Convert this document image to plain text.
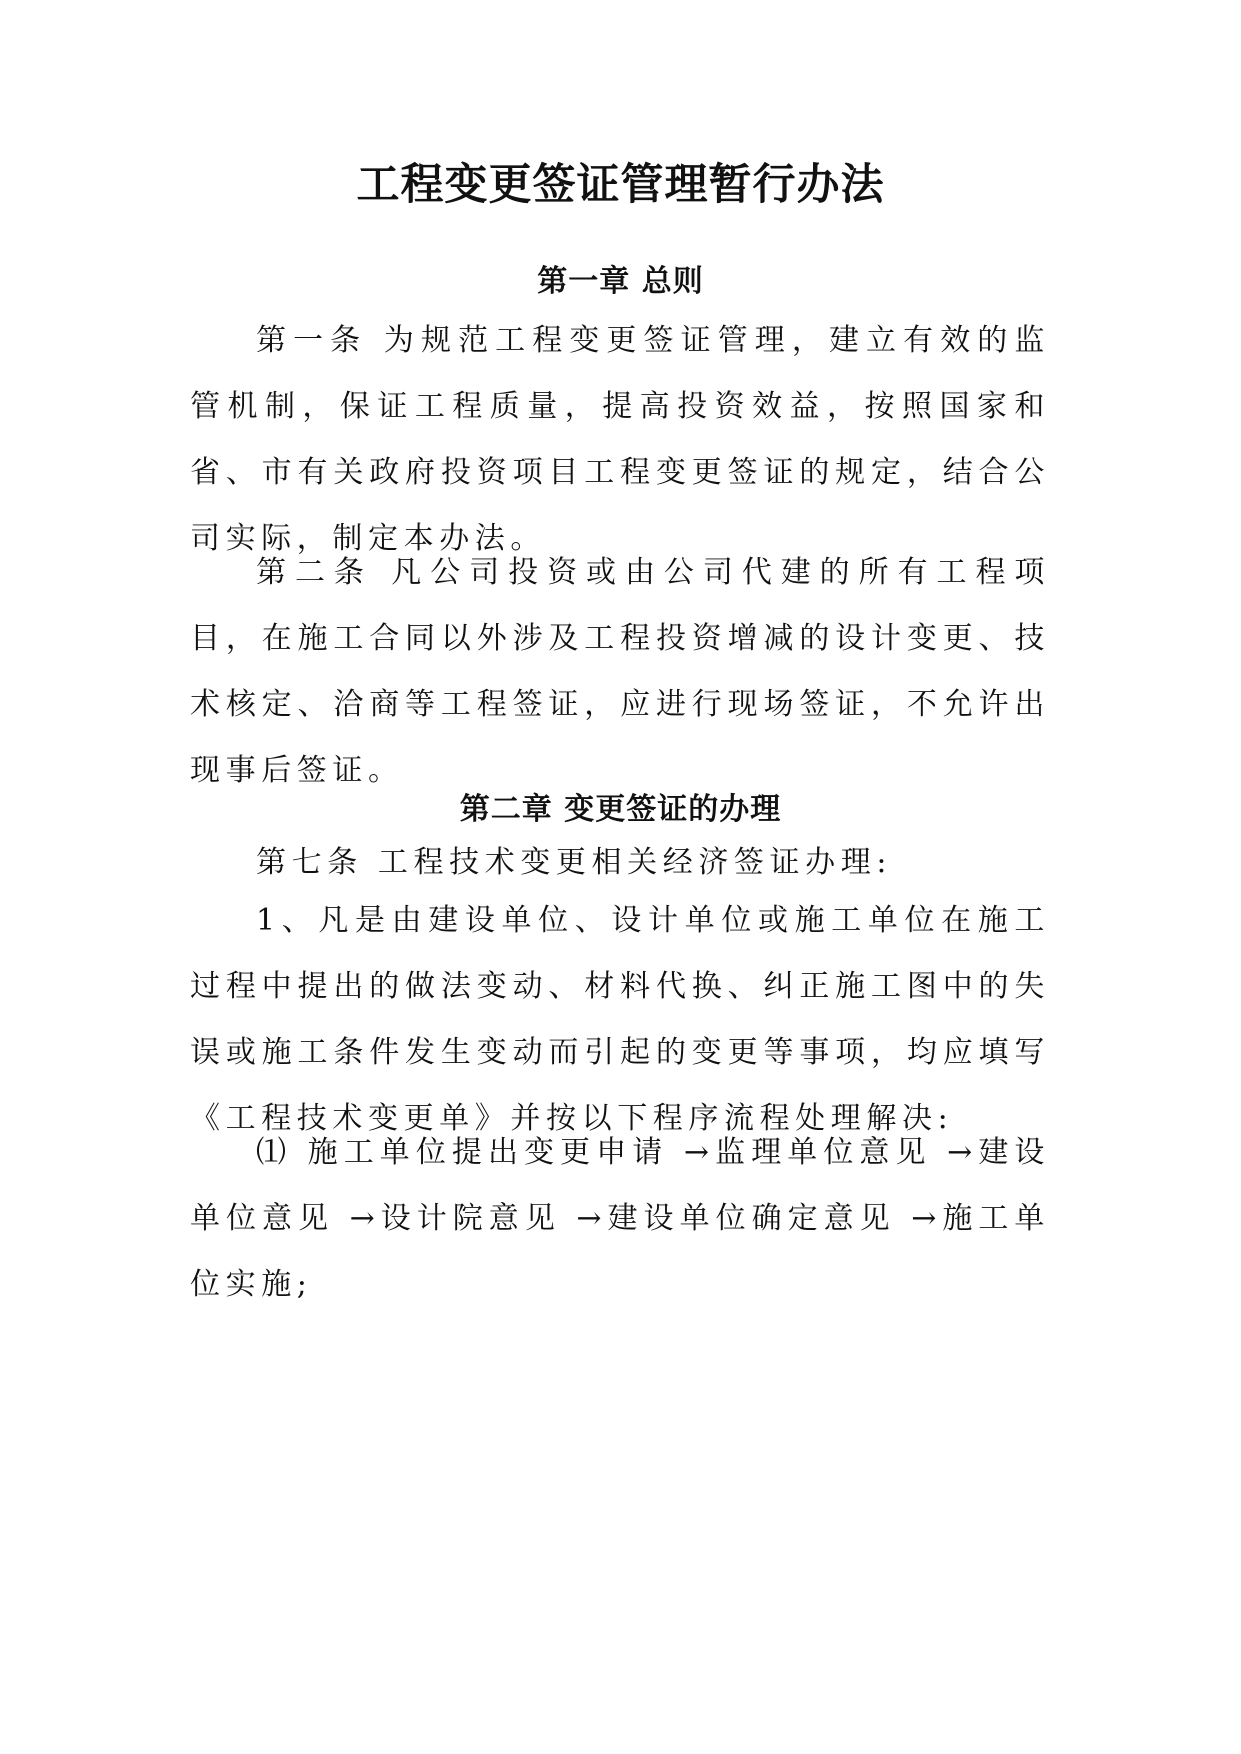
工程变更签证管理暂行办法
第一章 总则

第一条 为规范工程变更签证管理，建立有效的监管机制，保证工程质量，提高投资效益，按照国家和省、市有关政府投资项目工程变更签证的规定，结合公司实际，制定本办法。

第二条 凡公司投资或由公司代建的所有工程项目，在施工合同以外涉及工程投资增减的设计变更、技术核定、洽商等工程签证，应进行现场签证，不允许出现事后签证。

第二章 变更签证的办理

第七条 工程技术变更相关经济签证办理:

1、凡是由建设单位、设计单位或施工单位在施工过程中提出的做法变动、材料代换、纠正施工图中的失误或施工条件发生变动而引起的变更等事项，均应填写《工程技术变更单》并按以下程序流程处理解决:

⑴ 施工单位提出变更申请 →监理单位意见 →建设单位意见 →设计院意见 →建设单位确定意见 →施工单位实施;
